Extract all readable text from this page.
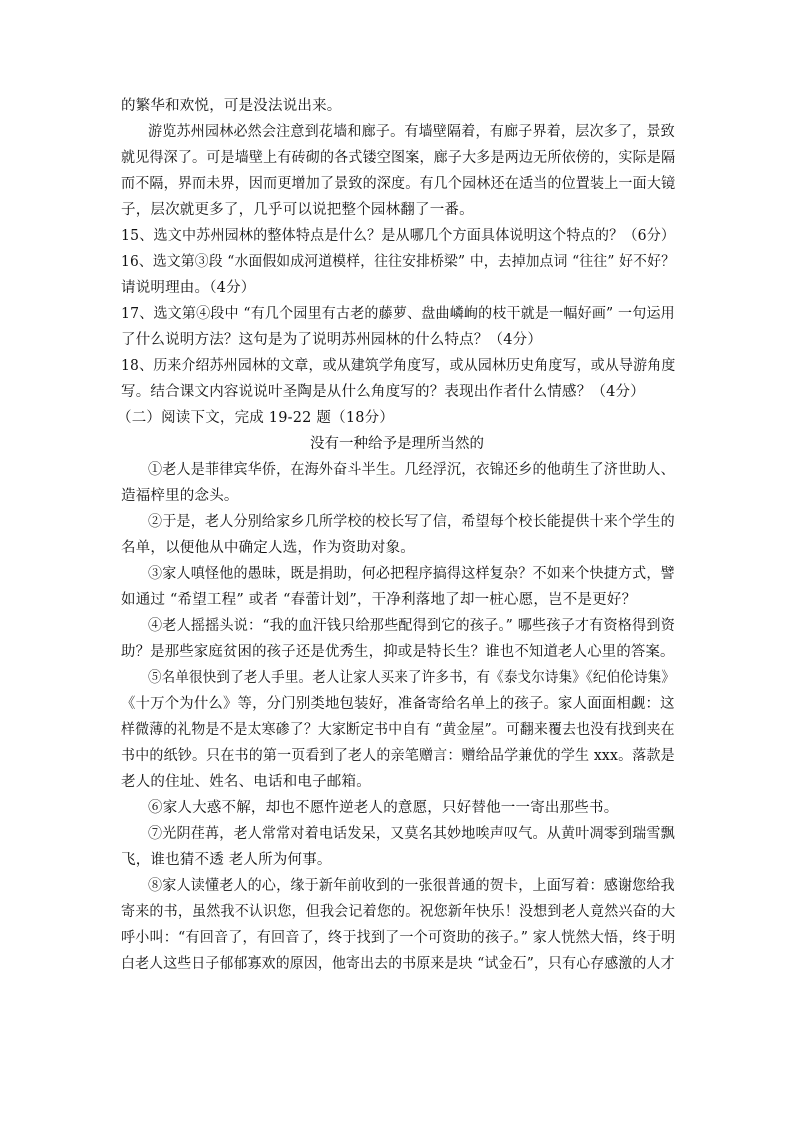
的繁华和欢悦，可是没法说出来。
游览苏州园林必然会注意到花墙和廊子。有墙壁隔着，有廊子界着，层次多了，景致
就见得深了。可是墙壁上有砖砌的各式镂空图案，廊子大多是两边无所依傍的，实际是隔
而不隔，界而未界，因而更增加了景致的深度。有几个园林还在适当的位置装上一面大镜
子，层次就更多了，几乎可以说把整个园林翻了一番。
15、选文中苏州园林的整体特点是什么？是从哪几个方面具体说明这个特点的？（6分）
16、选文第③段 “水面假如成河道模样，往往安排桥梁” 中，去掉加点词 “往往” 好不好？
请说明理由。（4分）
17、选文第④段中 “有几个园里有古老的藤萝、盘曲嶙峋的枝干就是一幅好画” 一句运用
了什么说明方法？这句是为了说明苏州园林的什么特点？（4分）
18、历来介绍苏州园林的文章，或从建筑学角度写，或从园林历史角度写，或从导游角度
写。结合课文内容说说叶圣陶是从什么角度写的？表现出作者什么情感？（4分）
（二）阅读下文，完成 19-22 题（18分）
没有一种给予是理所当然的
①老人是菲律宾华侨，在海外奋斗半生。几经浮沉，衣锦还乡的他萌生了济世助人、
造福梓里的念头。
②于是，老人分别给家乡几所学校的校长写了信，希望每个校长能提供十来个学生的
名单，以便他从中确定人选，作为资助对象。
③家人嗔怪他的愚昧，既是捐助，何必把程序搞得这样复杂？不如来个快捷方式，譬
如通过 “希望工程” 或者 “春蕾计划”，干净利落地了却一桩心愿，岂不是更好？
④老人摇摇头说：“我的血汗钱只给那些配得到它的孩子。” 哪些孩子才有资格得到资
助？是那些家庭贫困的孩子还是优秀生，抑或是特长生？谁也不知道老人心里的答案。
⑤名单很快到了老人手里。老人让家人买来了许多书，有《泰戈尔诗集》《纪伯伦诗集》
《十万个为什么》等，分门别类地包装好，准备寄给名单上的孩子。家人面面相觑：这
样微薄的礼物是不是太寒碜了？大家断定书中自有 “黄金屋”。可翻来覆去也没有找到夹在
书中的纸钞。只在书的第一页看到了老人的亲笔赠言：赠给品学兼优的学生 xxx。落款是
老人的住址、姓名、电话和电子邮箱。
⑥家人大惑不解，却也不愿忤逆老人的意愿，只好替他一一寄出那些书。
⑦光阴荏苒，老人常常对着电话发呆，又莫名其妙地唉声叹气。从黄叶凋零到瑞雪飘
飞，谁也猜不透 老人所为何事。
⑧家人读懂老人的心，缘于新年前收到的一张很普通的贺卡，上面写着：感谢您给我
寄来的书，虽然我不认识您，但我会记着您的。祝您新年快乐！没想到老人竟然兴奋的大
呼小叫：“有回音了，有回音了，终于找到了一个可资助的孩子。” 家人恍然大悟，终于明
白老人这些日子郁郁寡欢的原因，他寄出去的书原来是块 “试金石”，只有心存感激的人才
